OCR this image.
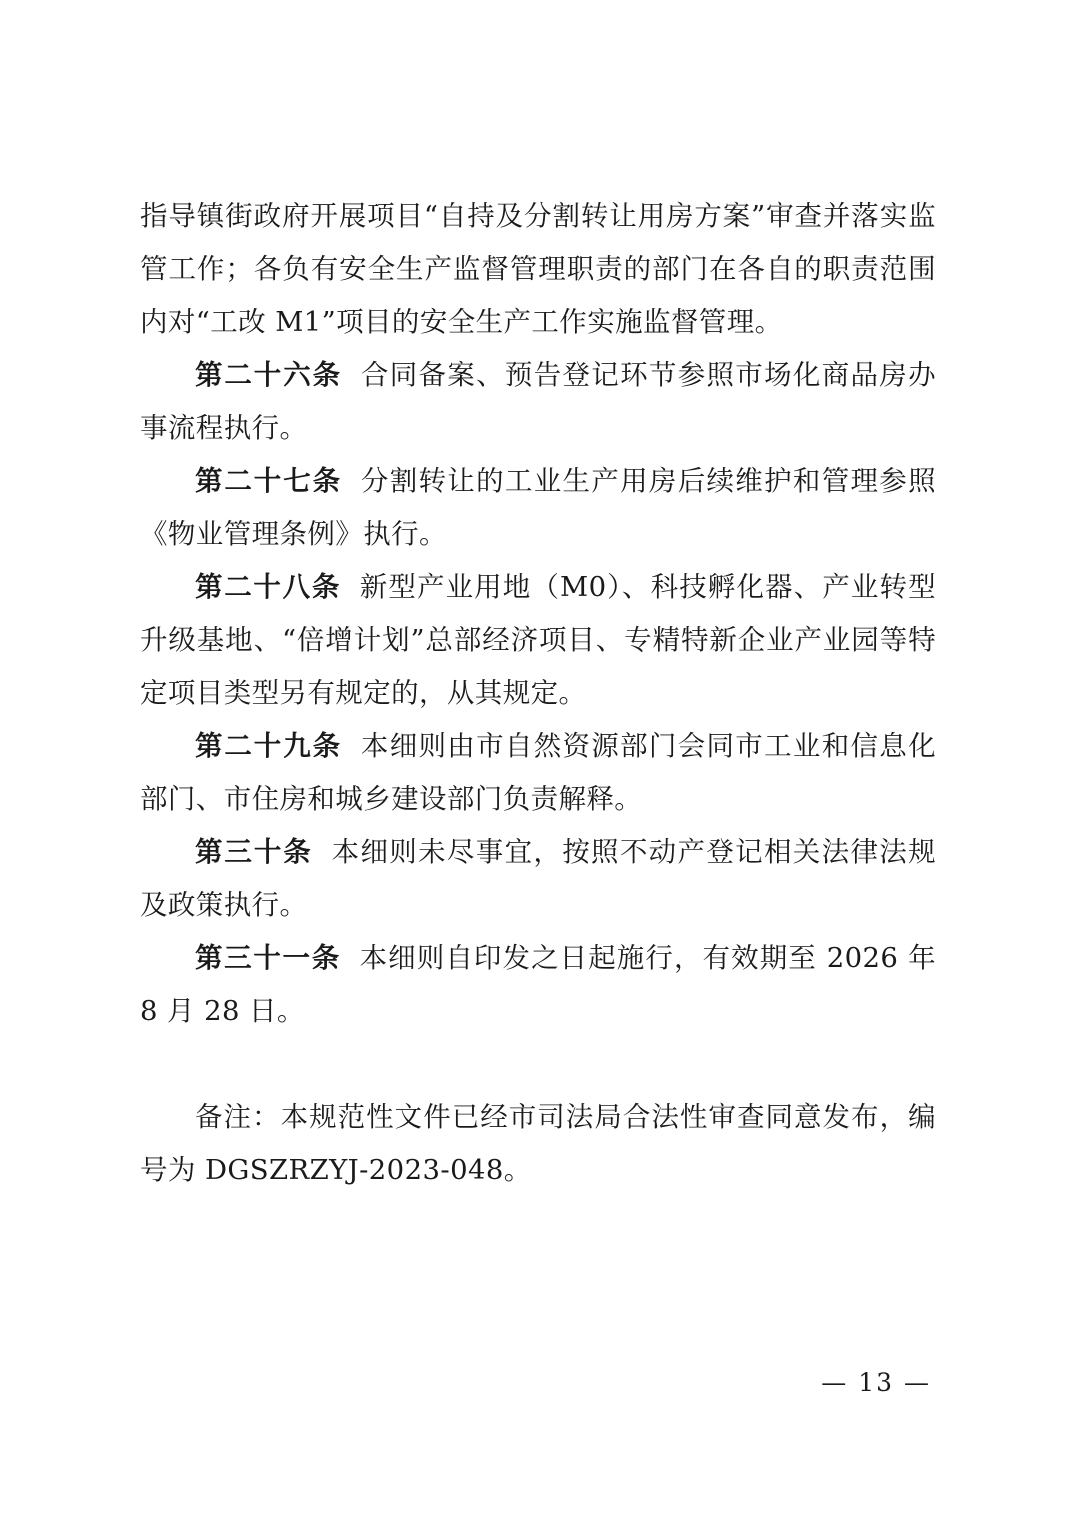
指导镇街政府开展项目“自持及分割转让用房方案”审查并落实监管工作；各负有安全生产监督管理职责的部门在各自的职责范围内对“工改 M1”项目的安全生产工作实施监督管理。

第二十六条 合同备案、预告登记环节参照市场化商品房办事流程执行。

第二十七条 分割转让的工业生产用房后续维护和管理参照《物业管理条例》执行。

第二十八条 新型产业用地（M0）、科技孵化器、产业转型升级基地、“倍增计划”总部经济项目、专精特新企业产业园等特定项目类型另有规定的，从其规定。

第二十九条 本细则由市自然资源部门会同市工业和信息化部门、市住房和城乡建设部门负责解释。

第三十条 本细则未尽事宜，按照不动产登记相关法律法规及政策执行。

第三十一条 本细则自印发之日起施行，有效期至 2026 年 8 月 28 日。

备注：本规范性文件已经市司法局合法性审查同意发布，编号为 DGSZRZYJ-2023-048。

— 13 —
